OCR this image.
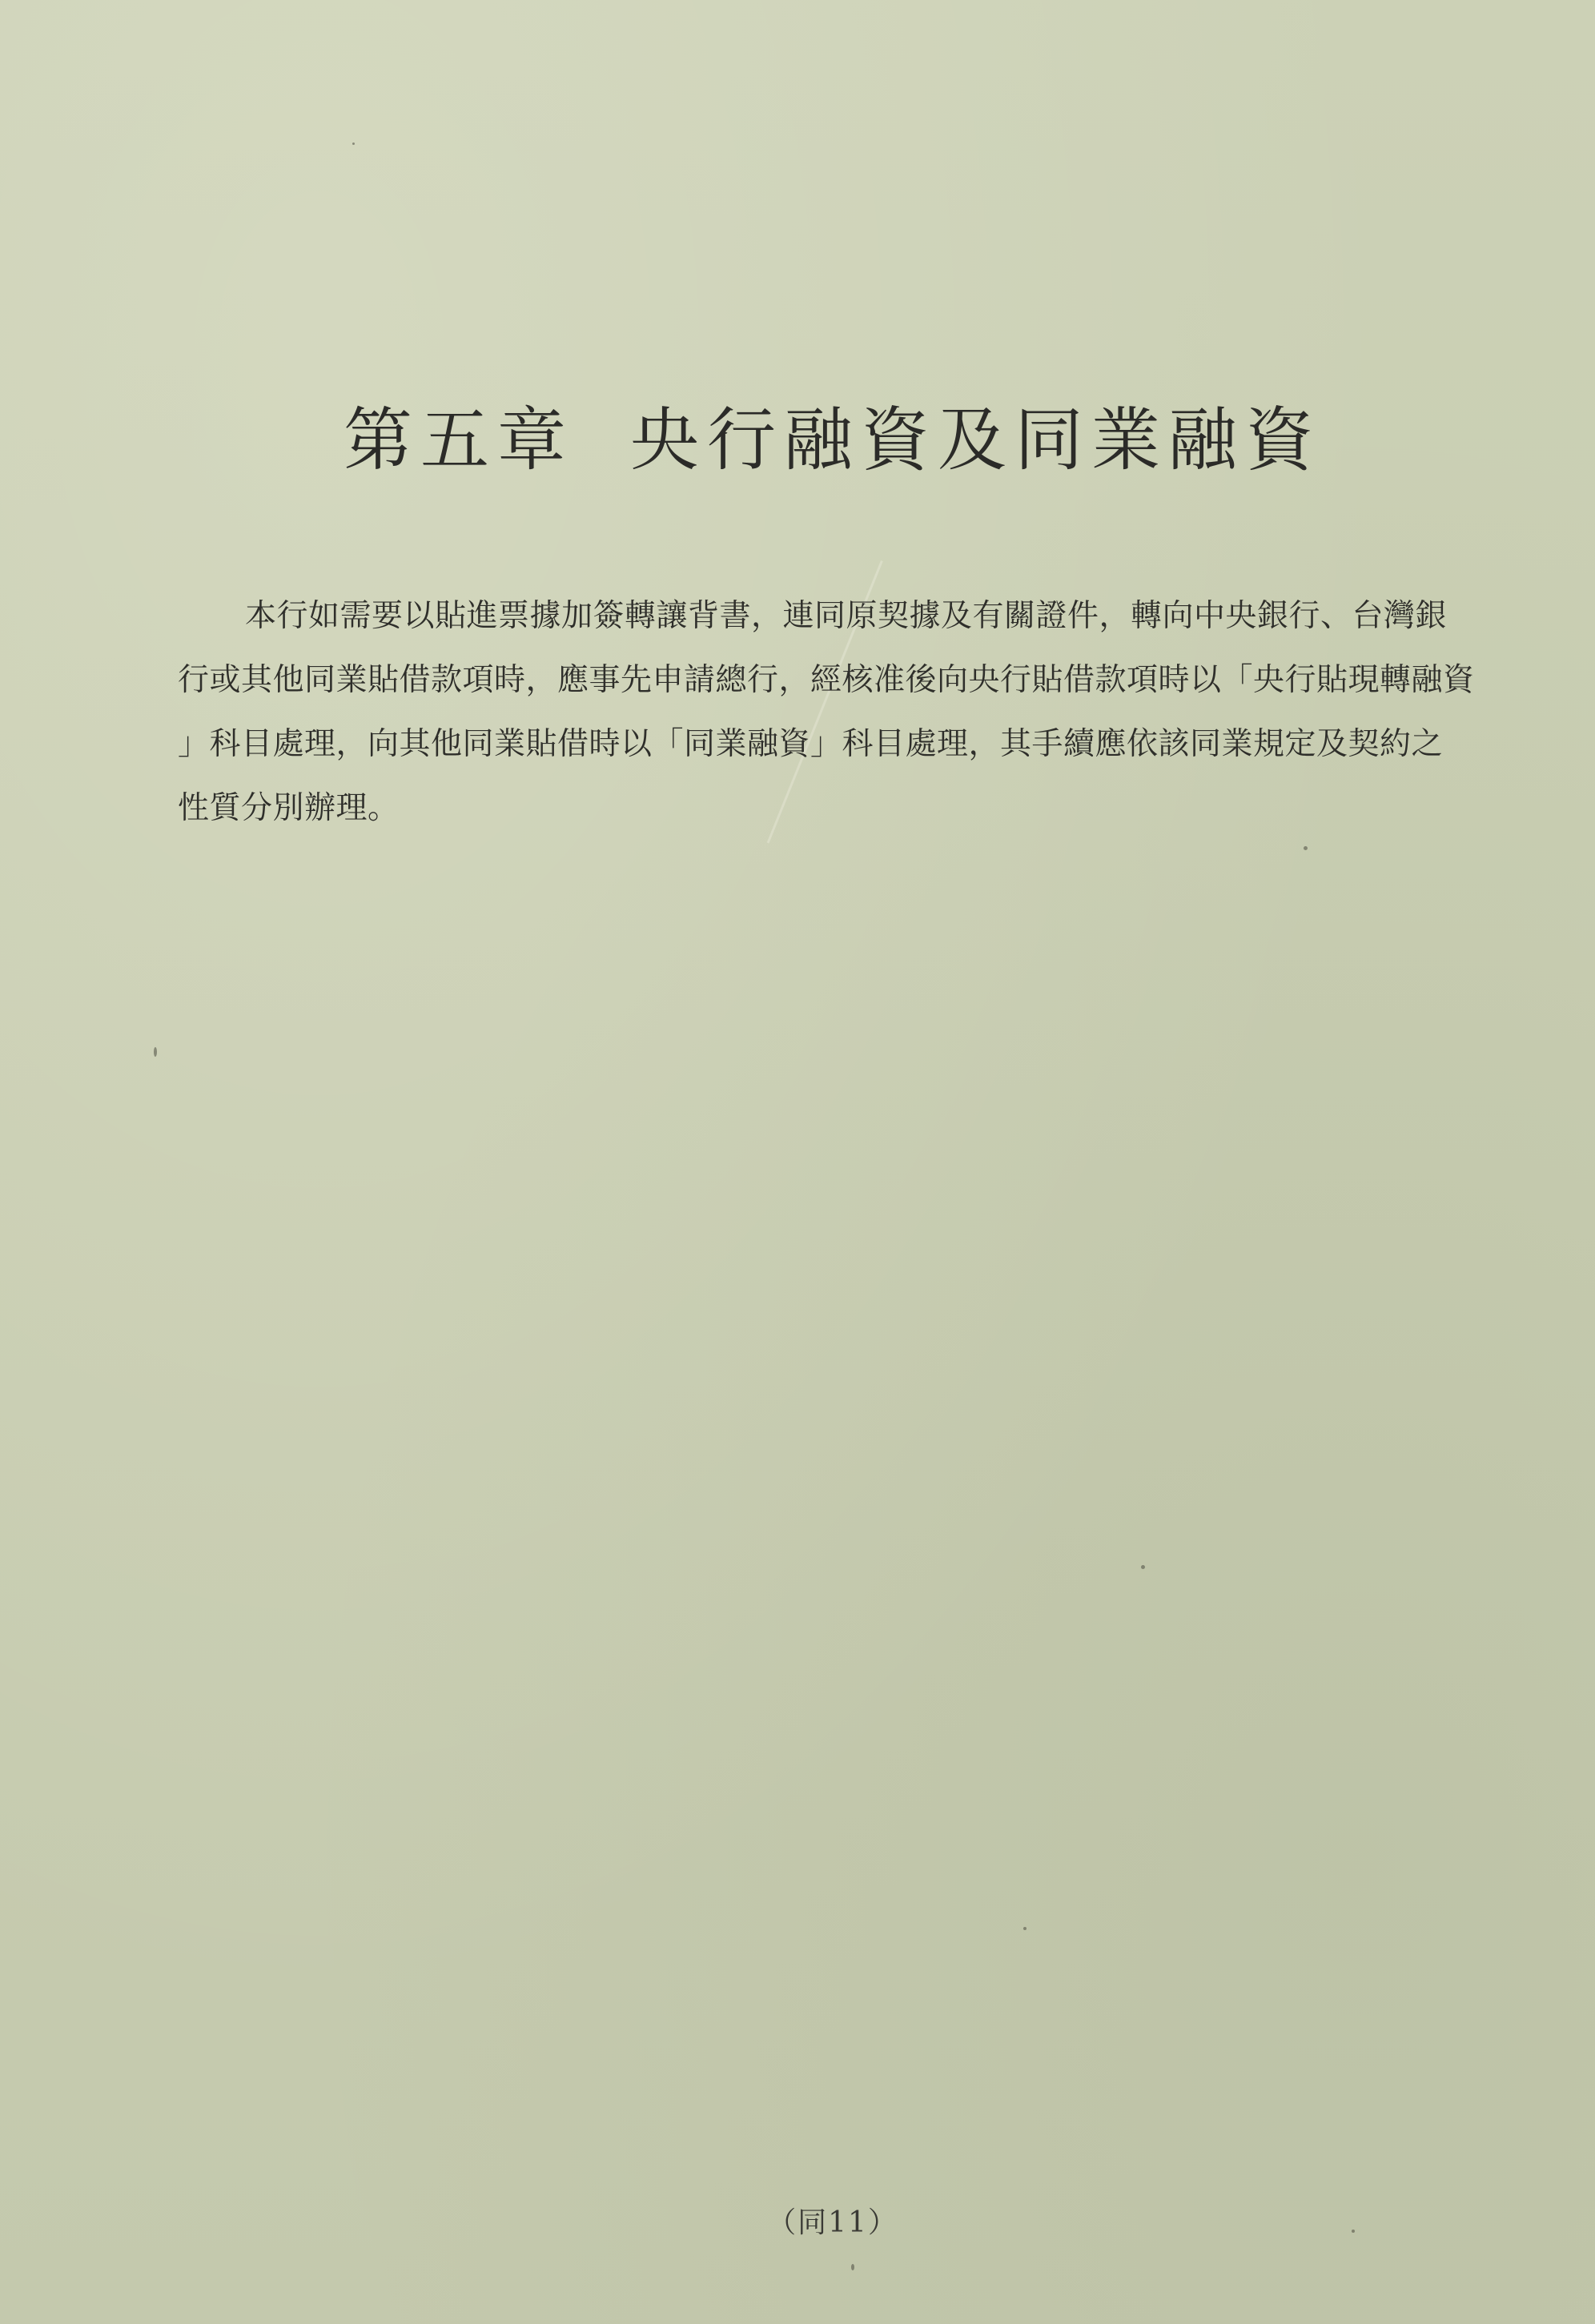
第五章 央行融資及同業融資
本行如需要以貼進票據加簽轉讓背書，連同原契據及有關證件，轉向中央銀行、台灣銀
行或其他同業貼借款項時，應事先申請總行，經核准後向央行貼借款項時以「央行貼現轉融資
」科目處理，向其他同業貼借時以「同業融資」科目處理，其手續應依該同業規定及契約之
性質分別辦理。
（同11）
